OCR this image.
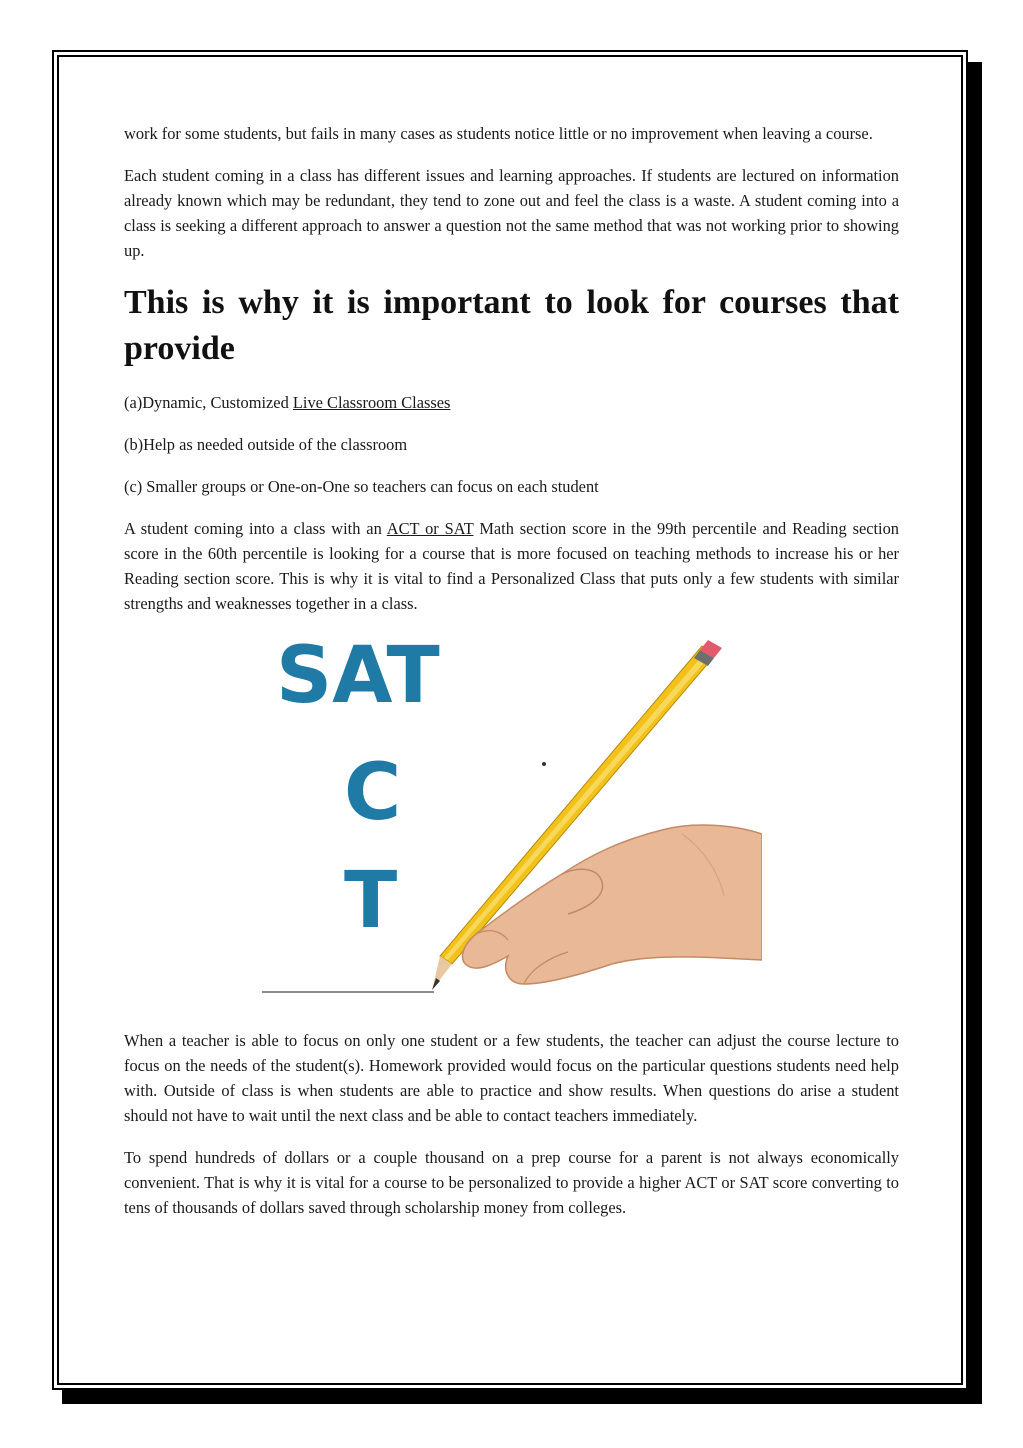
work for some students, but fails in many cases as students notice little or no improvement when leaving a course.

Each student coming in a class has different issues and learning approaches. If students are lectured on information already known which may be redundant, they tend to zone out and feel the class is a waste. A student coming into a class is seeking a different approach to answer a question not the same method that was not working prior to showing up.

This is why it is important to look for courses that provide
(a)Dynamic, Customized Live Classroom Classes
(b)Help as needed outside of the classroom
(c) Smaller groups or One-on-One so teachers can focus on each student

A student coming into a class with an ACT or SAT Math section score in the 99th percentile and Reading section score in the 60th percentile is looking for a course that is more focused on teaching methods to increase his or her Reading section score. This is why it is vital to find a Personalized Class that puts only a few students with similar strengths and weaknesses together in a class.

SAT
C
T

When a teacher is able to focus on only one student or a few students, the teacher can adjust the course lecture to focus on the needs of the student(s). Homework provided would focus on the particular questions students need help with. Outside of class is when students are able to practice and show results. When questions do arise a student should not have to wait until the next class and be able to contact teachers immediately.

To spend hundreds of dollars or a couple thousand on a prep course for a parent is not always economically convenient. That is why it is vital for a course to be personalized to provide a higher ACT or SAT score converting to tens of thousands of dollars saved through scholarship money from colleges.
